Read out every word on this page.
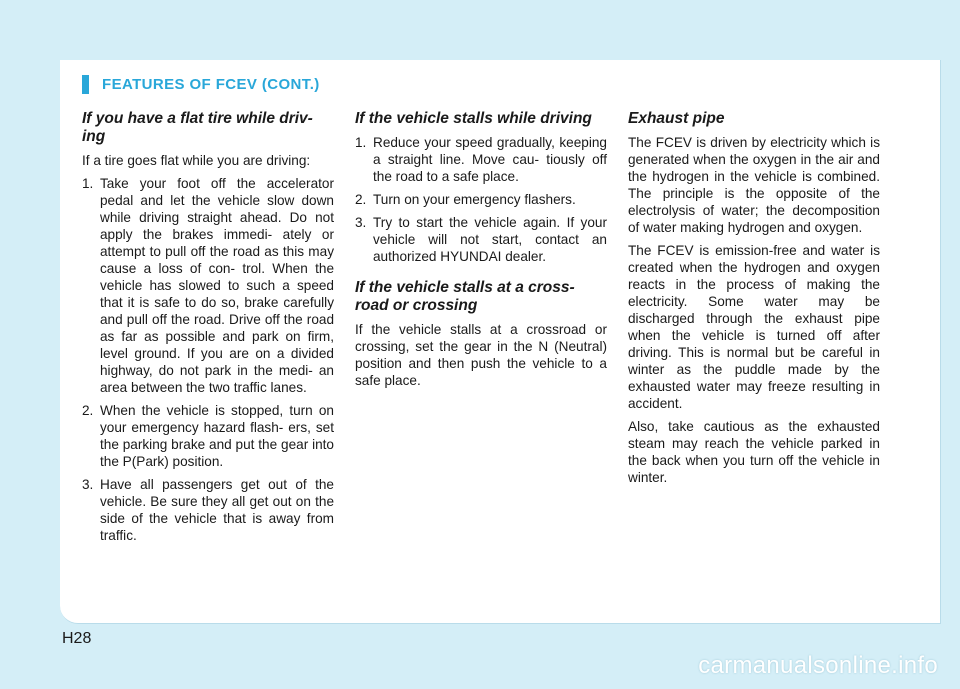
FEATURES OF FCEV (CONT.)
If you have a flat tire while driv- ing

If a tire goes flat while you are driving:

1. Take your foot off the accelerator pedal and let the vehicle slow down while driving straight ahead. Do not apply the brakes immedi- ately or attempt to pull off the road as this may cause a loss of con- trol. When the vehicle has slowed to such a speed that it is safe to do so, brake carefully and pull off the road. Drive off the road as far as possible and park on firm, level ground. If you are on a divided highway, do not park in the medi- an area between the two traffic lanes.
2. When the vehicle is stopped, turn on your emergency hazard flash- ers, set the parking brake and put the gear into the P(Park) position.
3. Have all passengers get out of the vehicle. Be sure they all get out on the side of the vehicle that is away from traffic.
If the vehicle stalls while driving
1. Reduce your speed gradually, keeping a straight line. Move cau- tiously off the road to a safe place.
2. Turn on your emergency flashers.
3. Try to start the vehicle again. If your vehicle will not start, contact an authorized HYUNDAI dealer.
If the vehicle stalls at a cross- road or crossing

If the vehicle stalls at a crossroad or crossing, set the gear in the N (Neutral) position and then push the vehicle to a safe place.

Exhaust pipe

The FCEV is driven by electricity which is generated when the oxygen in the air and the hydrogen in the vehicle is combined. The principle is the opposite of the electrolysis of water; the decomposition of water making hydrogen and oxygen.

The FCEV is emission-free and water is created when the hydrogen and oxygen reacts in the process of making the electricity. Some water may be discharged through the exhaust pipe when the vehicle is turned off after driving. This is normal but be careful in winter as the puddle made by the exhausted water may freeze resulting in accident.

Also, take cautious as the exhausted steam may reach the vehicle parked in the back when you turn off the vehicle in winter.

H28
carmanualsonline.info
